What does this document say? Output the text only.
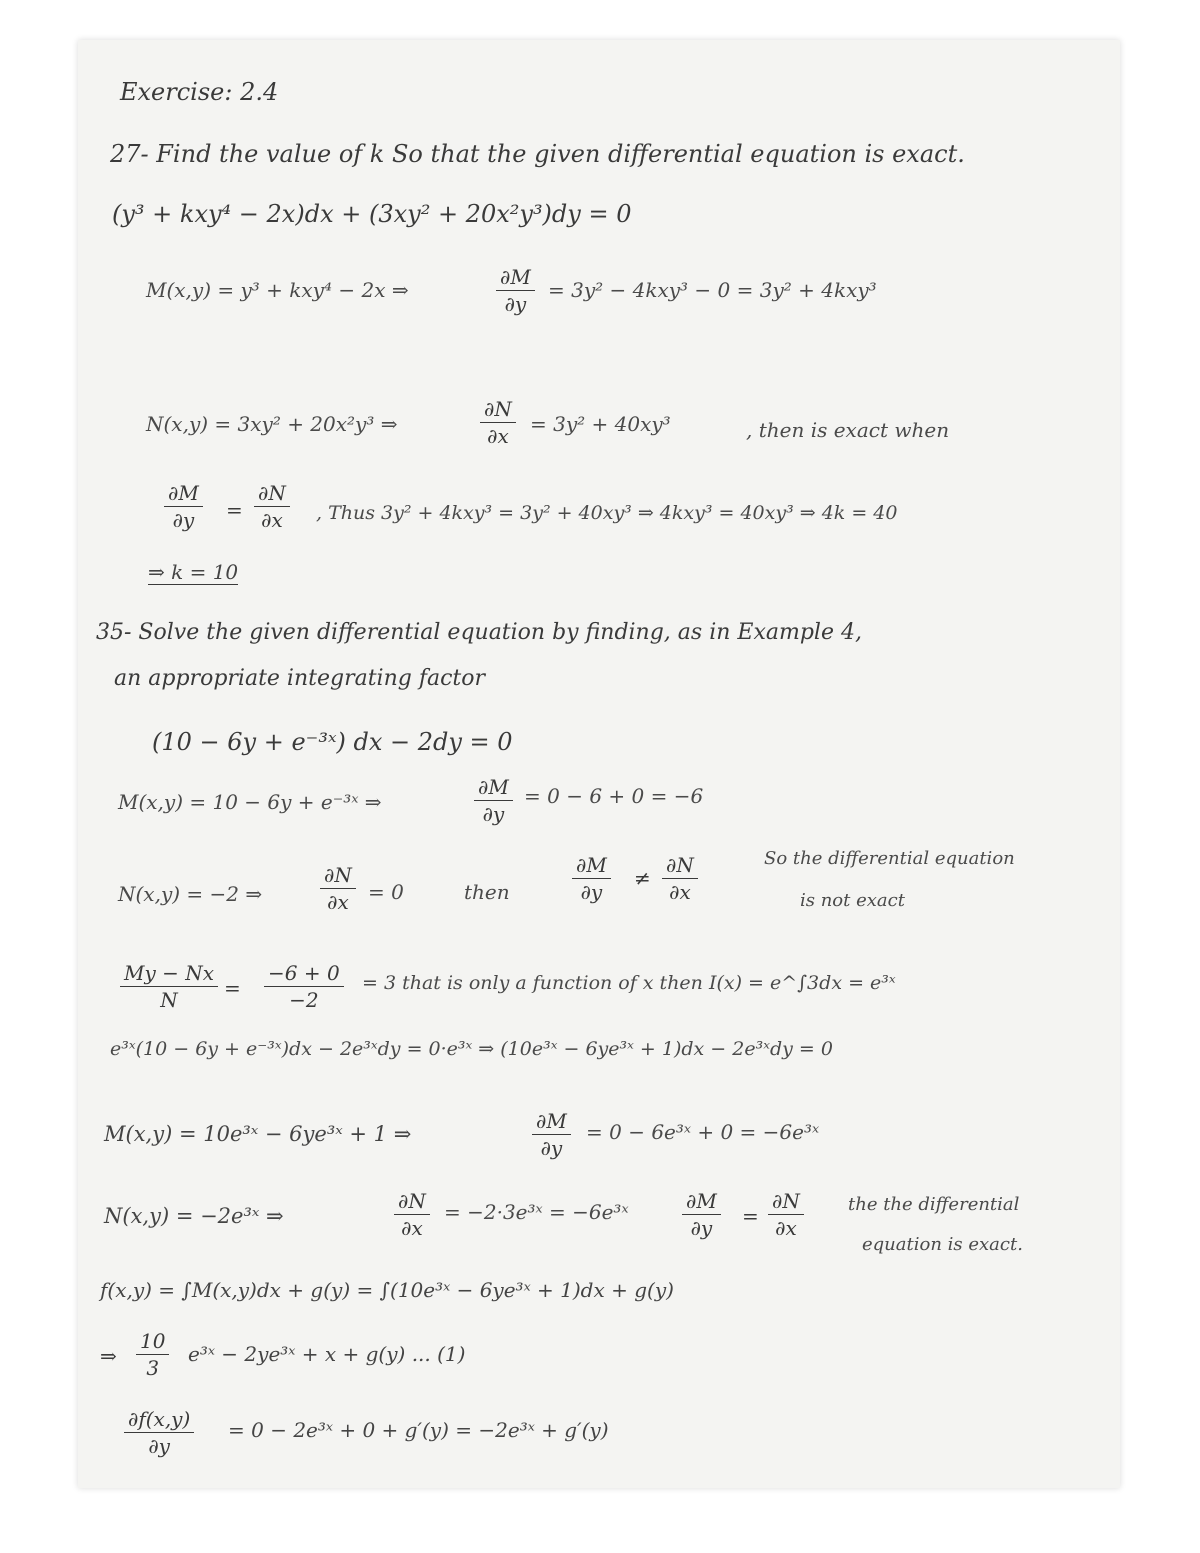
Exercise: 2.4

27- Find the value of k So that the given differential equation is exact.

(y³ + kxy⁴ − 2x)dx + (3xy² + 20x²y³)dy = 0

M(x,y) = y³ + kxy⁴ − 2x ⇒	$\frac{\partial M}{\partial y} = 3y^2 - 4kxy^3 - 0 = 3y^2 + 4kxy^3$

N(x,y) = 3xy² + 20x²y³ ⇒	$\frac{\partial N}{\partial x} = 3y^2 + 40xy^3$	, then is exact when

$\frac{\partial M}{\partial y} = \frac{\partial N}{\partial x}$ , Thus 3y² + 4kxy³ = 3y² + 40xy³ ⇒ 4kxy³ = 40xy³ ⇒ 4k = 40

⇒ k = 10

35- Solve the given differential equation by finding, as in Example 4,

an appropriate integrating factor

(10 − 6y + e⁻³ˣ) dx − 2dy = 0

M(x,y) = 10 − 6y + e⁻³ˣ ⇒	$\frac{\partial M}{\partial y} = 0 - 6 + 0 = -6$

N(x,y) = −2 ⇒	$\frac{\partial N}{\partial x} = 0$	then	$\frac{\partial M}{\partial y} \ne \frac{\partial N}{\partial x}$	So the differential equation

is not exact

$\frac{My - Nx}{N} = \frac{-6 + 0}{-2} = 3$ that is only a function of x then I(x) = e^∫3dx = e³ˣ

e³ˣ(10 − 6y + e⁻³ˣ)dx − 2e³ˣdy = 0·e³ˣ ⇒ (10e³ˣ − 6ye³ˣ + 1)dx − 2e³ˣdy = 0

M(x,y) = 10e³ˣ − 6ye³ˣ + 1 ⇒	$\frac{\partial M}{\partial y} = 0$ − 6e³ˣ + 0 = −6e³ˣ

N(x,y) = −2e³ˣ ⇒	$\frac{\partial N}{\partial x}$ = −2·3e³ˣ = −6e³ˣ	$\frac{\partial M}{\partial y} = \frac{\partial N}{\partial x}$ the the differential

equation is exact.

f(x,y) = ∫M(x,y)dx + g(y) = ∫(10e³ˣ − 6ye³ˣ + 1)dx + g(y)

⇒ $\frac{10}{3}$ e³ˣ − 2ye³ˣ + x + g(y) ... (1)

$\frac{\partial f(x,y)}{\partial y} = 0$ − 2e³ˣ + 0 + g′(y) = −2e³ˣ + g′(y)
